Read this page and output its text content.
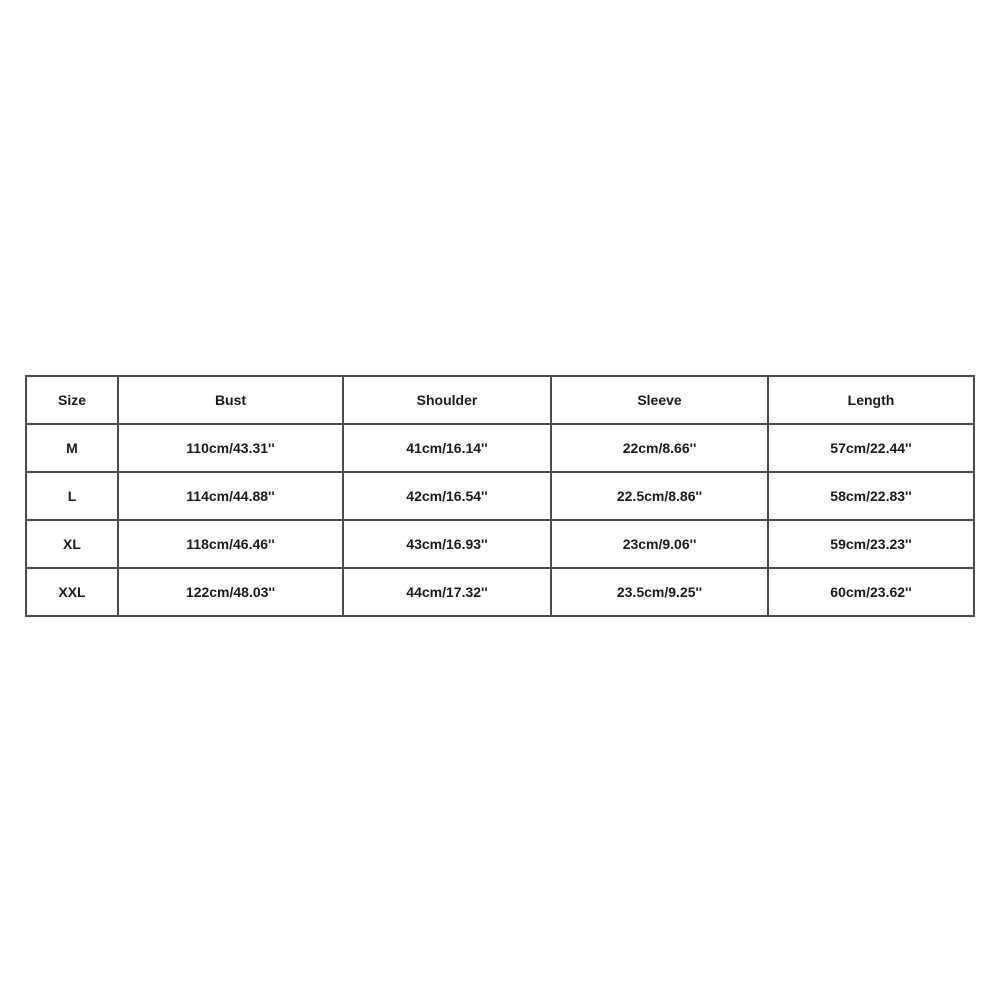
Size	Bust	Shoulder	Sleeve	Length
M	110cm/43.31''	41cm/16.14''	22cm/8.66''	57cm/22.44''
L	114cm/44.88''	42cm/16.54''	22.5cm/8.86''	58cm/22.83''
XL	118cm/46.46''	43cm/16.93''	23cm/9.06''	59cm/23.23''
XXL	122cm/48.03''	44cm/17.32''	23.5cm/9.25''	60cm/23.62''
